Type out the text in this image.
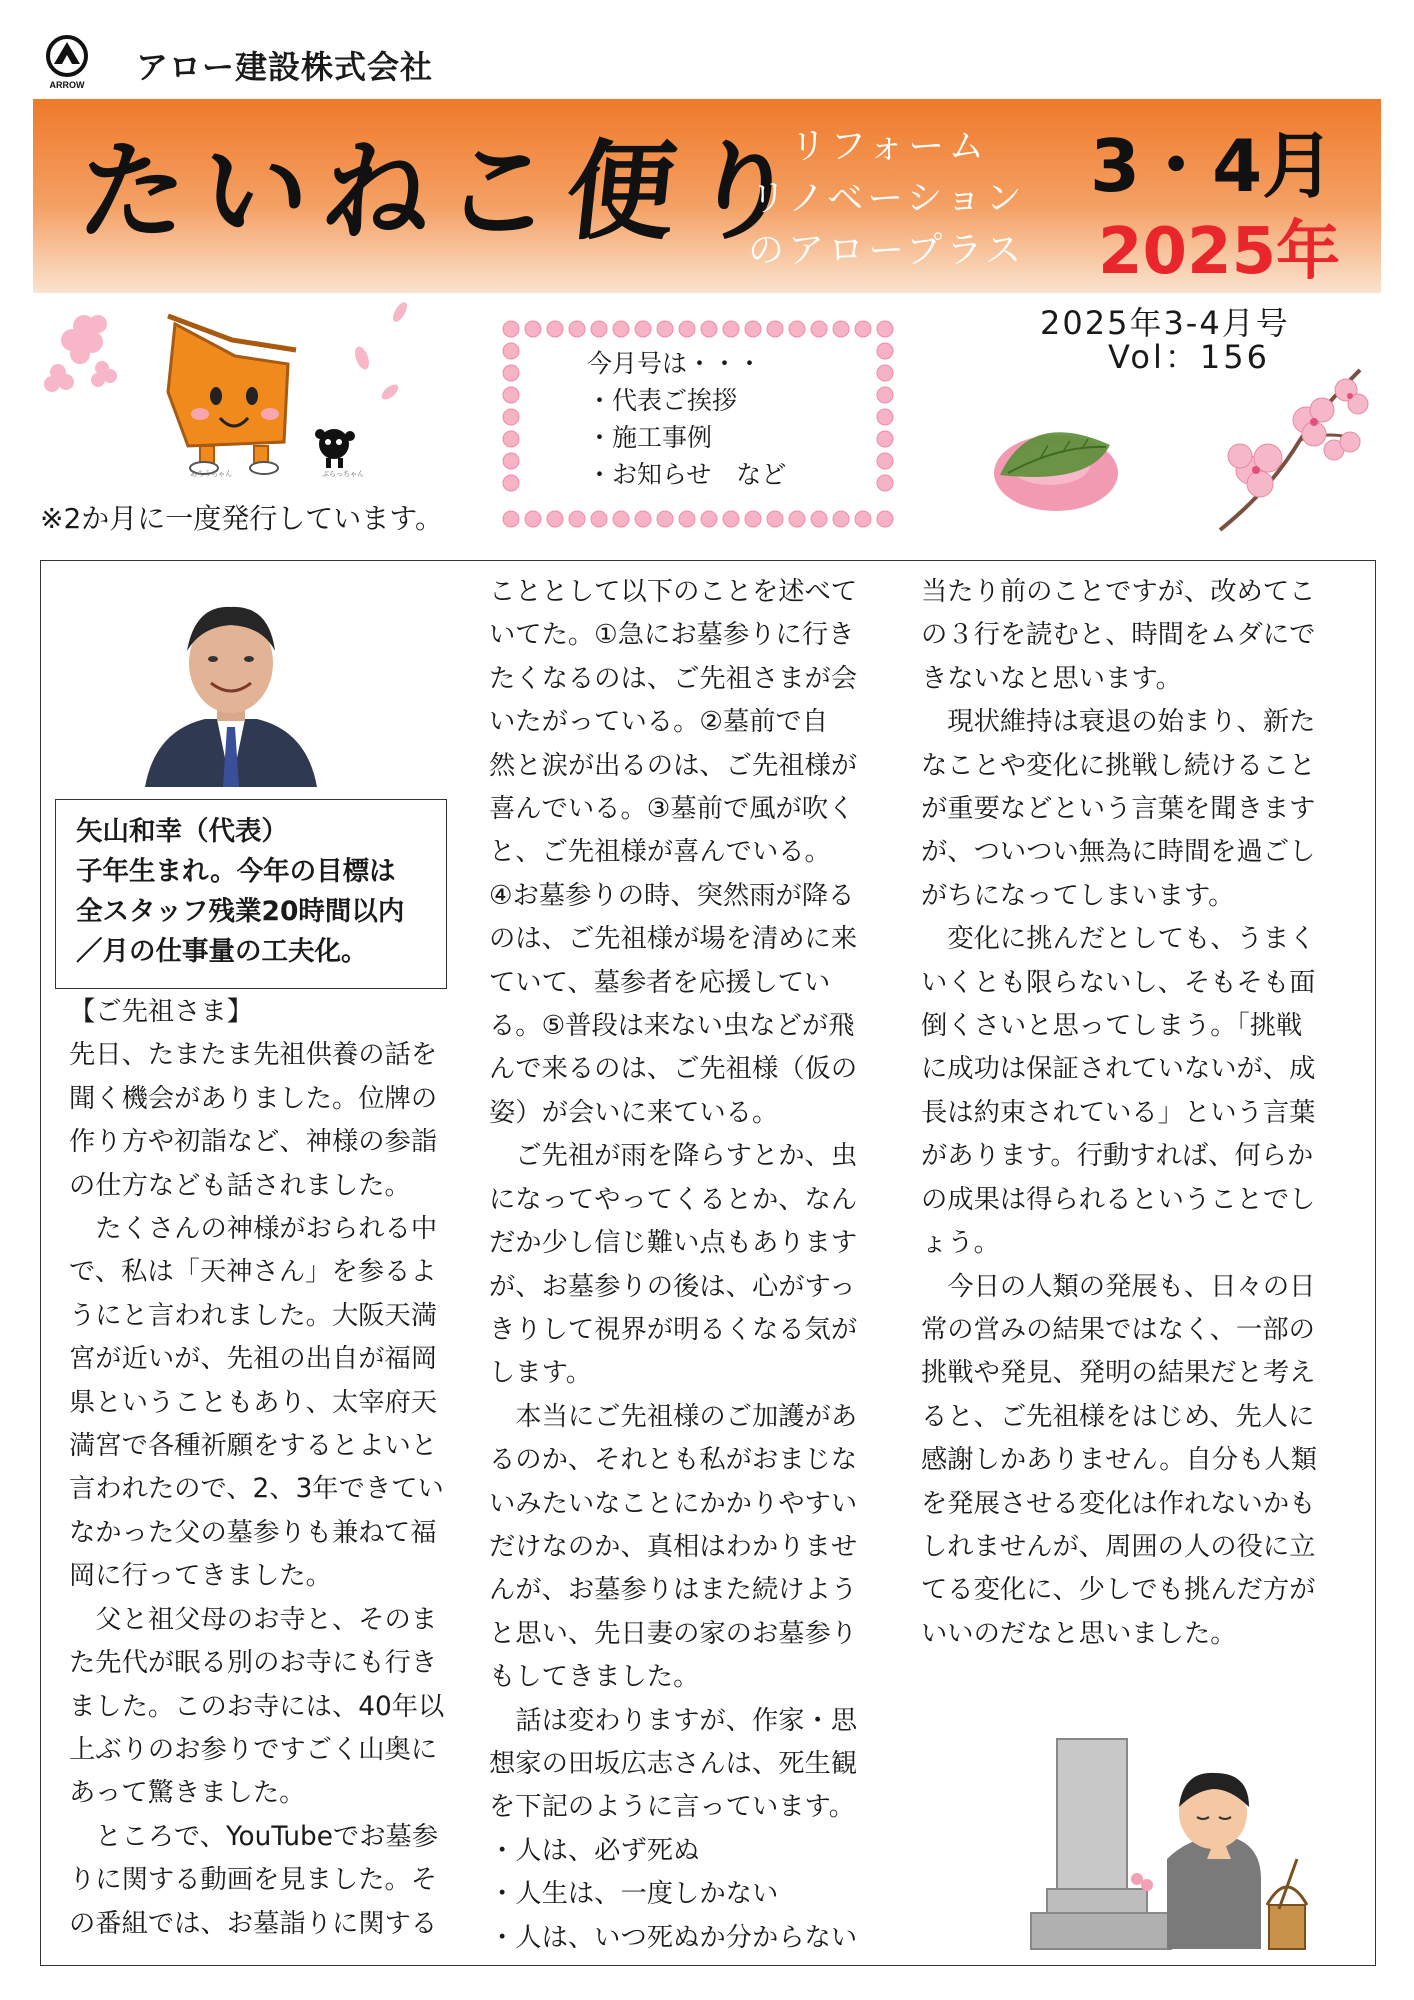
ARROW アロー建設株式会社
たいねこ便り
リフォーム
リノベーション
のアロープラス
3・4月
2025年
2025年3-4月号
Vol：156
あろうちゃん	ぷらっちゃん
※2か月に一度発行しています。
今月号は・・・
・代表ご挨拶
・施工事例
・お知らせ　など
矢山和幸（代表）
子年生まれ。今年の目標は
全スタッフ残業20時間以内
／月の仕事量の工夫化。

【ご先祖さま】

先日、たまたま先祖供養の話を

聞く機会がありました。位牌の

作り方や初詣など、神様の参詣

の仕方なども話されました。

　たくさんの神様がおられる中

で、私は「天神さん」を参るよ

うにと言われました。大阪天満

宮が近いが、先祖の出自が福岡

県ということもあり、太宰府天

満宮で各種祈願をするとよいと

言われたので、2、3年できてい

なかった父の墓参りも兼ねて福

岡に行ってきました。

　父と祖父母のお寺と、そのま

た先代が眠る別のお寺にも行き

ました。このお寺には、40年以

上ぶりのお参りですごく山奥に

あって驚きました。

　ところで、YouTubeでお墓参

りに関する動画を見ました。そ

の番組では、お墓詣りに関する

こととして以下のことを述べて

いてた。①急にお墓参りに行き

たくなるのは、ご先祖さまが会

いたがっている。②墓前で自

然と涙が出るのは、ご先祖様が

喜んでいる。③墓前で風が吹く

と、ご先祖様が喜んでいる。

④お墓参りの時、突然雨が降る

のは、ご先祖様が場を清めに来

ていて、墓参者を応援してい

る。⑤普段は来ない虫などが飛

んで来るのは、ご先祖様（仮の

姿）が会いに来ている。

　ご先祖が雨を降らすとか、虫

になってやってくるとか、なん

だか少し信じ難い点もあります

が、お墓参りの後は、心がすっ

きりして視界が明るくなる気が

します。

　本当にご先祖様のご加護があ

るのか、それとも私がおまじな

いみたいなことにかかりやすい

だけなのか、真相はわかりませ

んが、お墓参りはまた続けよう

と思い、先日妻の家のお墓参り

もしてきました。

　話は変わりますが、作家・思

想家の田坂広志さんは、死生観

を下記のように言っています。

・人は、必ず死ぬ

・人生は、一度しかない

・人は、いつ死ぬか分からない

当たり前のことですが、改めてこ

の３行を読むと、時間をムダにで

きないなと思います。

　現状維持は衰退の始まり、新た

なことや変化に挑戦し続けること

が重要などという言葉を聞きます

が、ついつい無為に時間を過ごし

がちになってしまいます。

　変化に挑んだとしても、うまく

いくとも限らないし、そもそも面

倒くさいと思ってしまう。「挑戦

に成功は保証されていないが、成

長は約束されている」という言葉

があります。行動すれば、何らか

の成果は得られるということでし

ょう。

　今日の人類の発展も、日々の日

常の営みの結果ではなく、一部の

挑戦や発見、発明の結果だと考え

ると、ご先祖様をはじめ、先人に

感謝しかありません。自分も人類

を発展させる変化は作れないかも

しれませんが、周囲の人の役に立

てる変化に、少しでも挑んだ方が

いいのだなと思いました。
